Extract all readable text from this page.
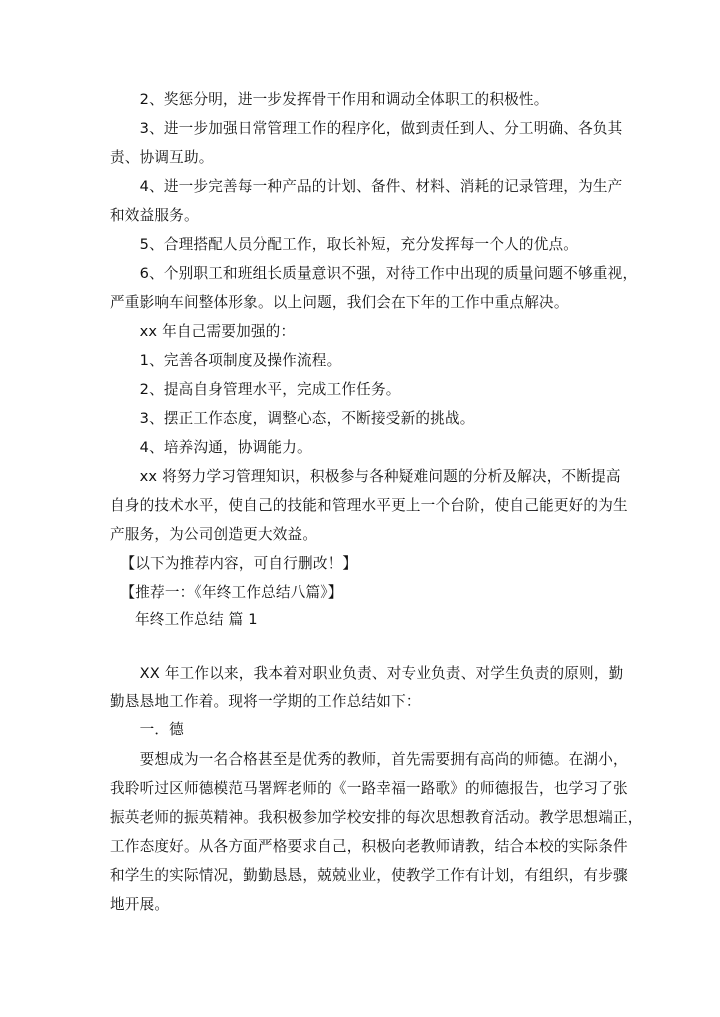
　　2、奖惩分明，进一步发挥骨干作用和调动全体职工的积极性。
　　3、进一步加强日常管理工作的程序化，做到责任到人、分工明确、各负其
责、协调互助。
　　4、进一步完善每一种产品的计划、备件、材料、消耗的记录管理，为生产
和效益服务。
　　5、合理搭配人员分配工作，取长补短，充分发挥每一个人的优点。
　　6、个别职工和班组长质量意识不强，对待工作中出现的质量问题不够重视，
严重影响车间整体形象。以上问题，我们会在下年的工作中重点解决。
　　xx 年自己需要加强的：
　　1、完善各项制度及操作流程。
　　2、提高自身管理水平，完成工作任务。
　　3、摆正工作态度，调整心态，不断接受新的挑战。
　　4、培养沟通，协调能力。
　　xx 将努力学习管理知识，积极参与各种疑难问题的分析及解决，不断提高
自身的技术水平，使自己的技能和管理水平更上一个台阶，使自己能更好的为生
产服务，为公司创造更大效益。
　【以下为推荐内容，可自行删改！】
　【推荐一：《年终工作总结八篇》】
年终工作总结 篇 1
　　XX 年工作以来，我本着对职业负责、对专业负责、对学生负责的原则，勤
勤恳恳地工作着。现将一学期的工作总结如下：
　　一．德
　　要想成为一名合格甚至是优秀的教师，首先需要拥有高尚的师德。在湖小，
我聆听过区师德模范马署辉老师的《一路幸福一路歌》的师德报告，也学习了张
振英老师的振英精神。我积极参加学校安排的每次思想教育活动。教学思想端正，
工作态度好。从各方面严格要求自己，积极向老教师请教，结合本校的实际条件
和学生的实际情况，勤勤恳恳，兢兢业业，使教学工作有计划，有组织，有步骤
地开展。
